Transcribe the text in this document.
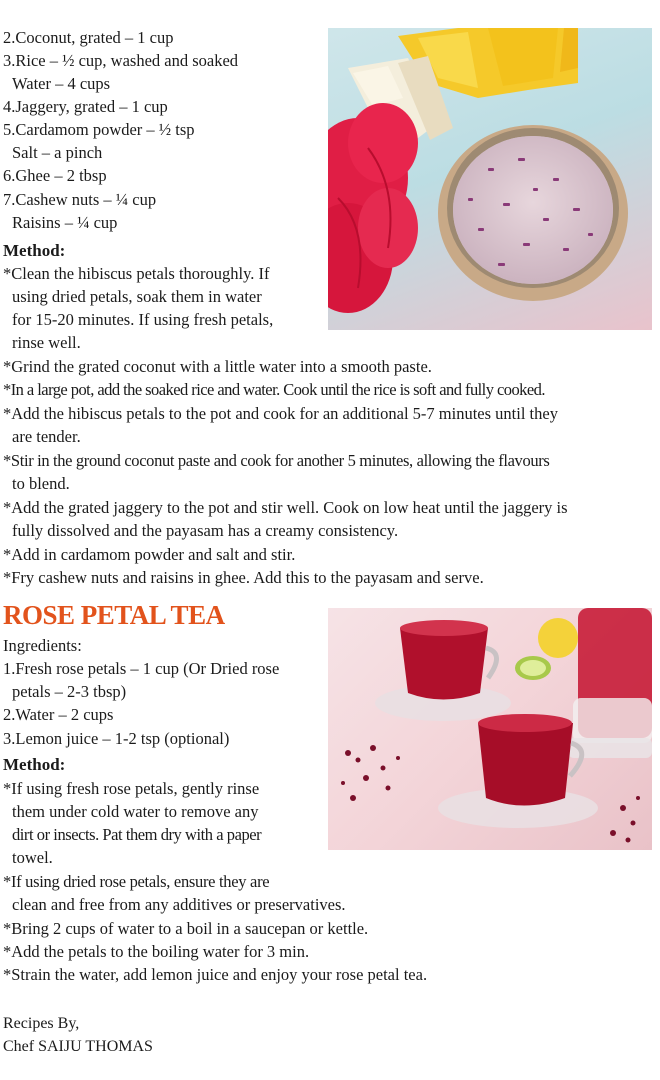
2.Coconut, grated – 1 cup
3.Rice – ½ cup, washed and soaked
Water – 4 cups
4.Jaggery, grated – 1 cup
5.Cardamom powder – ½ tsp
Salt – a pinch
6.Ghee – 2 tbsp
7.Cashew nuts – ¼ cup
Raisins – ¼ cup
Method:
*Clean the hibiscus petals thoroughly. If
using dried petals, soak them in water
for 15-20 minutes. If using fresh petals,
rinse well.
*Grind the grated coconut with a little water into a smooth paste.
*In a large pot, add the soaked rice and water. Cook until the rice is soft and fully cooked.
*Add the hibiscus petals to the pot and cook for an additional 5-7 minutes until they
are tender.
*Stir in the ground coconut paste and cook for another 5 minutes, allowing the flavours
to blend.
*Add the grated jaggery to the pot and stir well. Cook on low heat until the jaggery is
fully dissolved and the payasam has a creamy consistency.
*Add in cardamom powder and salt and stir.
*Fry cashew nuts and raisins in ghee. Add this to the payasam and serve.
ROSE PETAL TEA
Ingredients:
1.Fresh rose petals – 1 cup (Or Dried rose
petals – 2-3 tbsp)
2.Water – 2 cups
3.Lemon juice – 1-2 tsp (optional)
Method:
*If using fresh rose petals, gently rinse
them under cold water to remove any
dirt or insects. Pat them dry with a paper
towel.
*If using dried rose petals, ensure they are
clean and free from any additives or preservatives.
*Bring 2 cups of water to a boil in a saucepan or kettle.
*Add the petals to the boiling water for 3 min.
*Strain the water, add lemon juice and enjoy your rose petal tea.
Recipes By,
Chef SAIJU THOMAS
